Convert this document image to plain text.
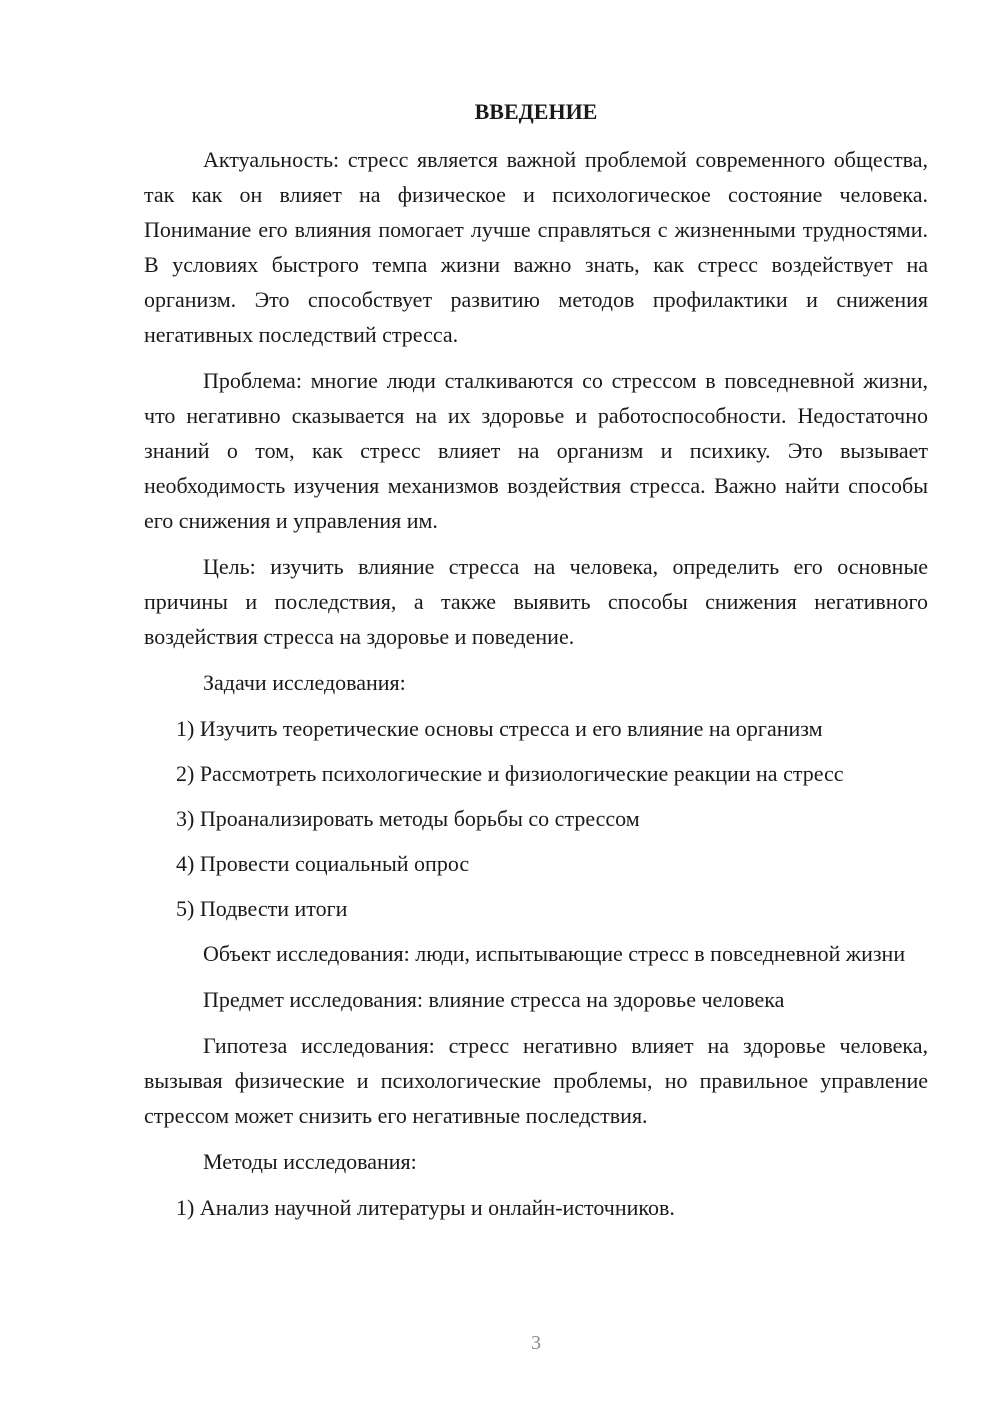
ВВЕДЕНИЕ

Актуальность: стресс является важной проблемой современного общества, так как он влияет на физическое и психологическое состояние человека. Понимание его влияния помогает лучше справляться с жизненными трудностями. В условиях быстрого темпа жизни важно знать, как стресс воздействует на организм. Это способствует развитию методов профилактики и снижения негативных последствий стресса.

Проблема: многие люди сталкиваются со стрессом в повседневной жизни, что негативно сказывается на их здоровье и работоспособности. Недостаточно знаний о том, как стресс влияет на организм и психику. Это вызывает необходимость изучения механизмов воздействия стресса. Важно найти способы его снижения и управления им.

Цель: изучить влияние стресса на человека, определить его основные причины и последствия, а также выявить способы снижения негативного воздействия стресса на здоровье и поведение.

Задачи исследования:

1) Изучить теоретические основы стресса и его влияние на организм

2) Рассмотреть психологические и физиологические реакции на стресс

3) Проанализировать методы борьбы со стрессом

4) Провести социальный опрос

5) Подвести итоги

Объект исследования: люди, испытывающие стресс в повседневной жизни

Предмет исследования: влияние стресса на здоровье человека

Гипотеза исследования: стресс негативно влияет на здоровье человека, вызывая физические и психологические проблемы, но правильное управление стрессом может снизить его негативные последствия.

Методы исследования:

1) Анализ научной литературы и онлайн-источников.

3
